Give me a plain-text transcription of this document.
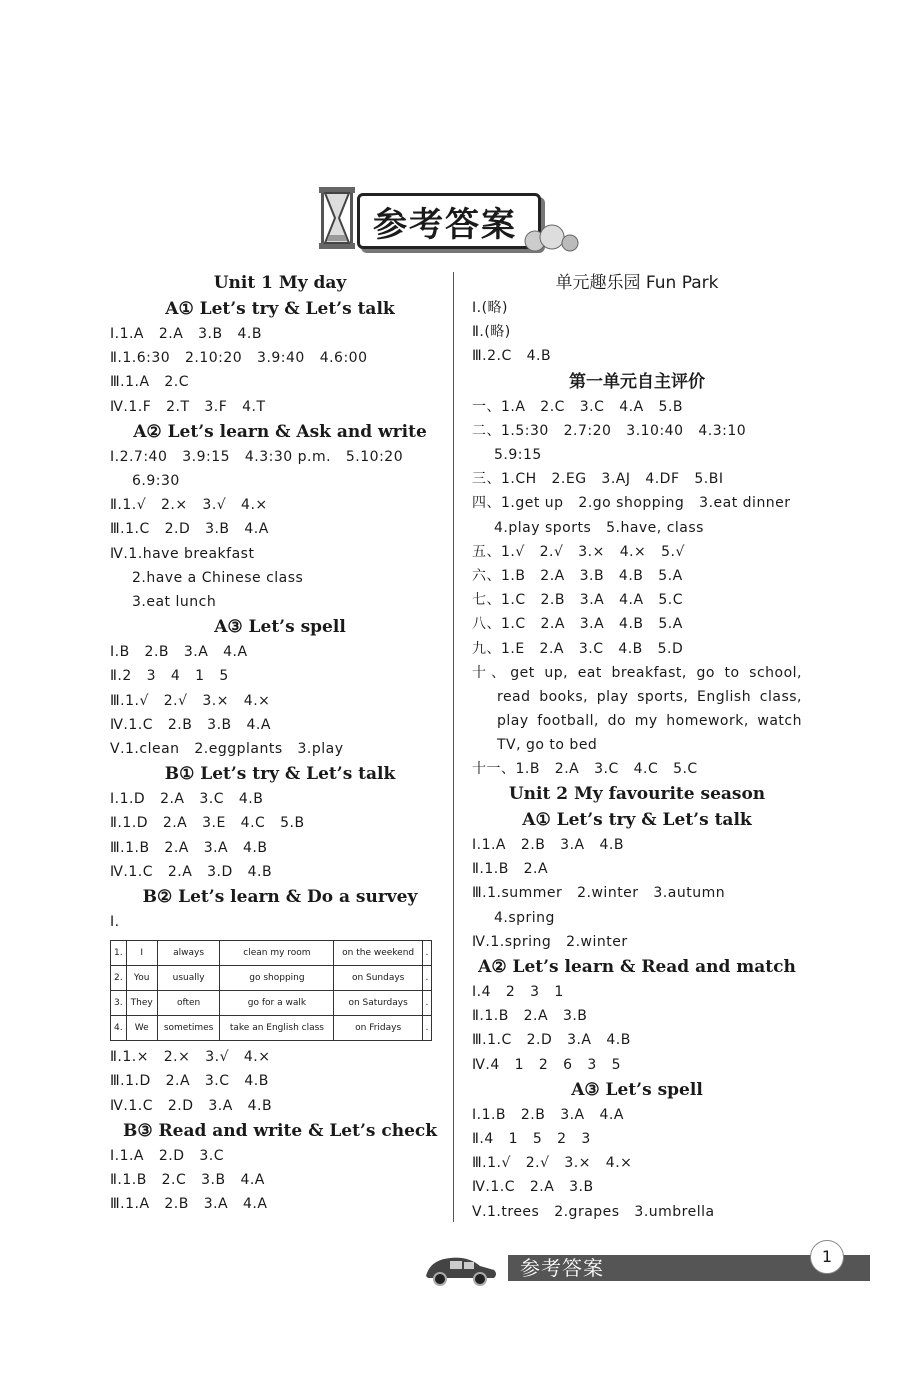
参考答案
Unit 1 My day
A① Let’s try & Let’s talk
Ⅰ.1.A   2.A   3.B   4.B
Ⅱ.1.6:30   2.10:20   3.9:40   4.6:00
Ⅲ.1.A   2.C
Ⅳ.1.F   2.T   3.F   4.T
A② Let’s learn & Ask and write
Ⅰ.2.7:40   3.9:15   4.3:30 p.m.   5.10:20
6.9:30
Ⅱ.1.√   2.×   3.√   4.×
Ⅲ.1.C   2.D   3.B   4.A
Ⅳ.1.have breakfast
2.have a Chinese class
3.eat lunch
A③ Let’s spell
Ⅰ.B   2.B   3.A   4.A
Ⅱ.2   3   4   1   5
Ⅲ.1.√   2.√   3.×   4.×
Ⅳ.1.C   2.B   3.B   4.A
Ⅴ.1.clean   2.eggplants   3.play
B① Let’s try & Let’s talk
Ⅰ.1.D   2.A   3.C   4.B
Ⅱ.1.D   2.A   3.E   4.C   5.B
Ⅲ.1.B   2.A   3.A   4.B
Ⅳ.1.C   2.A   3.D   4.B
B② Let’s learn & Do a survey
Ⅰ.
1.	I	always	clean my room	on the weekend	.
2.	You	usually	go shopping	on Sundays	.
3.	They	often	go for a walk	on Saturdays	.
4.	We	sometimes	take an English class	on Fridays	.
Ⅱ.1.×   2.×   3.√   4.×
Ⅲ.1.D   2.A   3.C   4.B
Ⅳ.1.C   2.D   3.A   4.B
B③ Read and write & Let’s check
Ⅰ.1.A   2.D   3.C
Ⅱ.1.B   2.C   3.B   4.A
Ⅲ.1.A   2.B   3.A   4.A
单元趣乐园 Fun Park
Ⅰ.(略)
Ⅱ.(略)
Ⅲ.2.C   4.B
第一单元自主评价
一、1.A   2.C   3.C   4.A   5.B
二、1.5:30   2.7:20   3.10:40   4.3:10
5.9:15
三、1.CH   2.EG   3.AJ   4.DF   5.BI
四、1.get up   2.go shopping   3.eat dinner
4.play sports   5.have, class
五、1.√   2.√   3.×   4.×   5.√
六、1.B   2.A   3.B   4.B   5.A
七、1.C   2.B   3.A   4.A   5.C
八、1.C   2.A   3.A   4.B   5.A
九、1.E   2.A   3.C   4.B   5.D
十、get up, eat breakfast, go to school, read books, play sports, English class, play football, do my homework, watch TV, go to bed
十一、1.B   2.A   3.C   4.C   5.C
Unit 2 My favourite season
A① Let’s try & Let’s talk
Ⅰ.1.A   2.B   3.A   4.B
Ⅱ.1.B   2.A
Ⅲ.1.summer   2.winter   3.autumn
4.spring
Ⅳ.1.spring   2.winter
A② Let’s learn & Read and match
Ⅰ.4   2   3   1
Ⅱ.1.B   2.A   3.B
Ⅲ.1.C   2.D   3.A   4.B
Ⅳ.4   1   2   6   3   5
A③ Let’s spell
Ⅰ.1.B   2.B   3.A   4.A
Ⅱ.4   1   5   2   3
Ⅲ.1.√   2.√   3.×   4.×
Ⅳ.1.C   2.A   3.B
Ⅴ.1.trees   2.grapes   3.umbrella
参考答案	1
